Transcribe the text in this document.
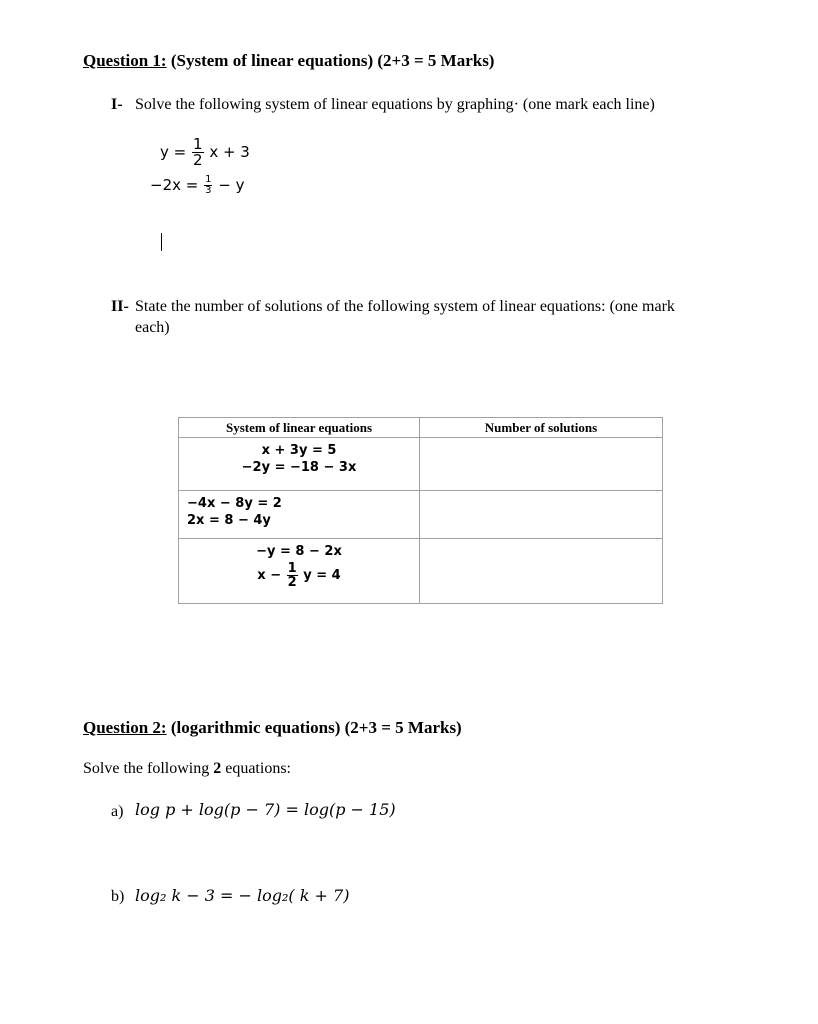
Question 1: (System of linear equations) (2+3 = 5 Marks)
I- Solve the following system of linear equations by graphing· (one mark each line)
$y = \frac{1}{2}$ x + 3
$-2x = \frac{1}{3} - y$
II- State the number of solutions of the following system of linear equations: (one mark
each)
System of linear equations	Number of solutions

x + 3y = 5
−2y = −18 − 3x	

−4x − 8y = 2
2x = 8 − 4y	

−y = 8 − 2x
$x - \frac{1}{2}$ y = 4	

Question 2: (logarithmic equations) (2+3 = 5 Marks)
Solve the following 2 equations:
a) log p + log(p − 7) = log(p − 15)
b) log₂ k − 3 = − log₂( k + 7)
